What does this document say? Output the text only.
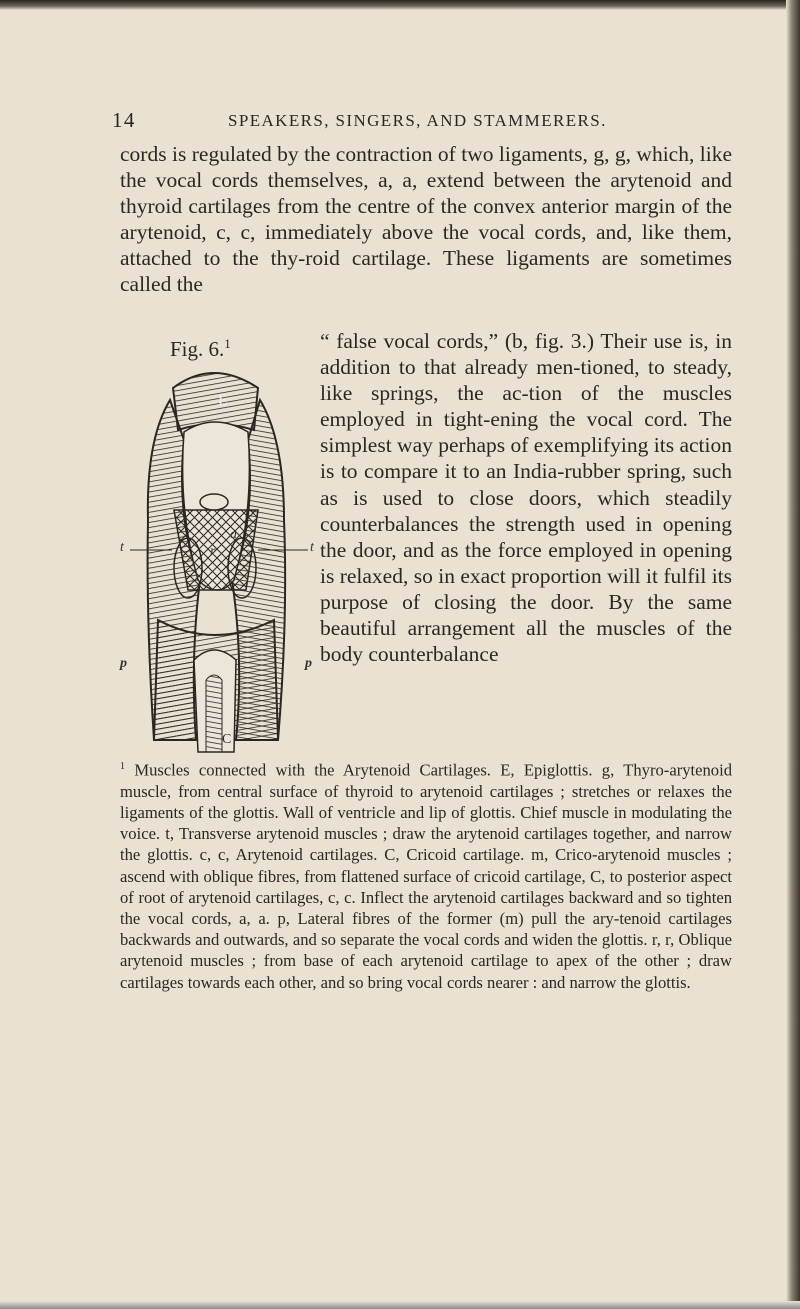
14	SPEAKERS, SINGERS, AND STAMMERERS.

cords is regulated by the contraction of two ligaments, g, g, which, like the vocal cords themselves, a, a, extend between the arytenoid and thyroid cartilages from the centre of the convex anterior margin of the arytenoid, c, c, immediately above the vocal cords, and, like them, attached to the thy-roid cartilage. These ligaments are sometimes called the

Fig. 6.$^1$
E
t	t
a
r
p	p
C

“ false vocal cords,” (b, fig. 3.) Their use is, in addition to that already men-tioned, to steady, like springs, the ac-tion of the muscles employed in tight-ening the vocal cord. The simplest way perhaps of exemplifying its action is to compare it to an India-rubber spring, such as is used to close doors, which steadily counterbalances the strength used in opening the door, and as the force employed in opening is relaxed, so in exact proportion will it fulfil its purpose of closing the door. By the same beautiful arrangement all the muscles of the body counterbalance

$^1$ Muscles connected with the Arytenoid Cartilages. E, Epiglottis. g, Thyro-arytenoid muscle, from central surface of thyroid to arytenoid cartilages ; stretches or relaxes the ligaments of the glottis. Wall of ventricle and lip of glottis. Chief muscle in modulating the voice. t, Transverse arytenoid muscles ; draw the arytenoid cartilages together, and narrow the glottis. c, c, Arytenoid cartilages. C, Cricoid cartilage. m, Crico-arytenoid muscles ; ascend with oblique fibres, from flattened surface of cricoid cartilage, C, to posterior aspect of root of arytenoid cartilages, c, c. Inflect the arytenoid cartilages backward and so tighten the vocal cords, a, a. p, Lateral fibres of the former (m) pull the ary-tenoid cartilages backwards and outwards, and so separate the vocal cords and widen the glottis. r, r, Oblique arytenoid muscles ; from base of each arytenoid cartilage to apex of the other ; draw cartilages towards each other, and so bring vocal cords nearer : and narrow the glottis.
